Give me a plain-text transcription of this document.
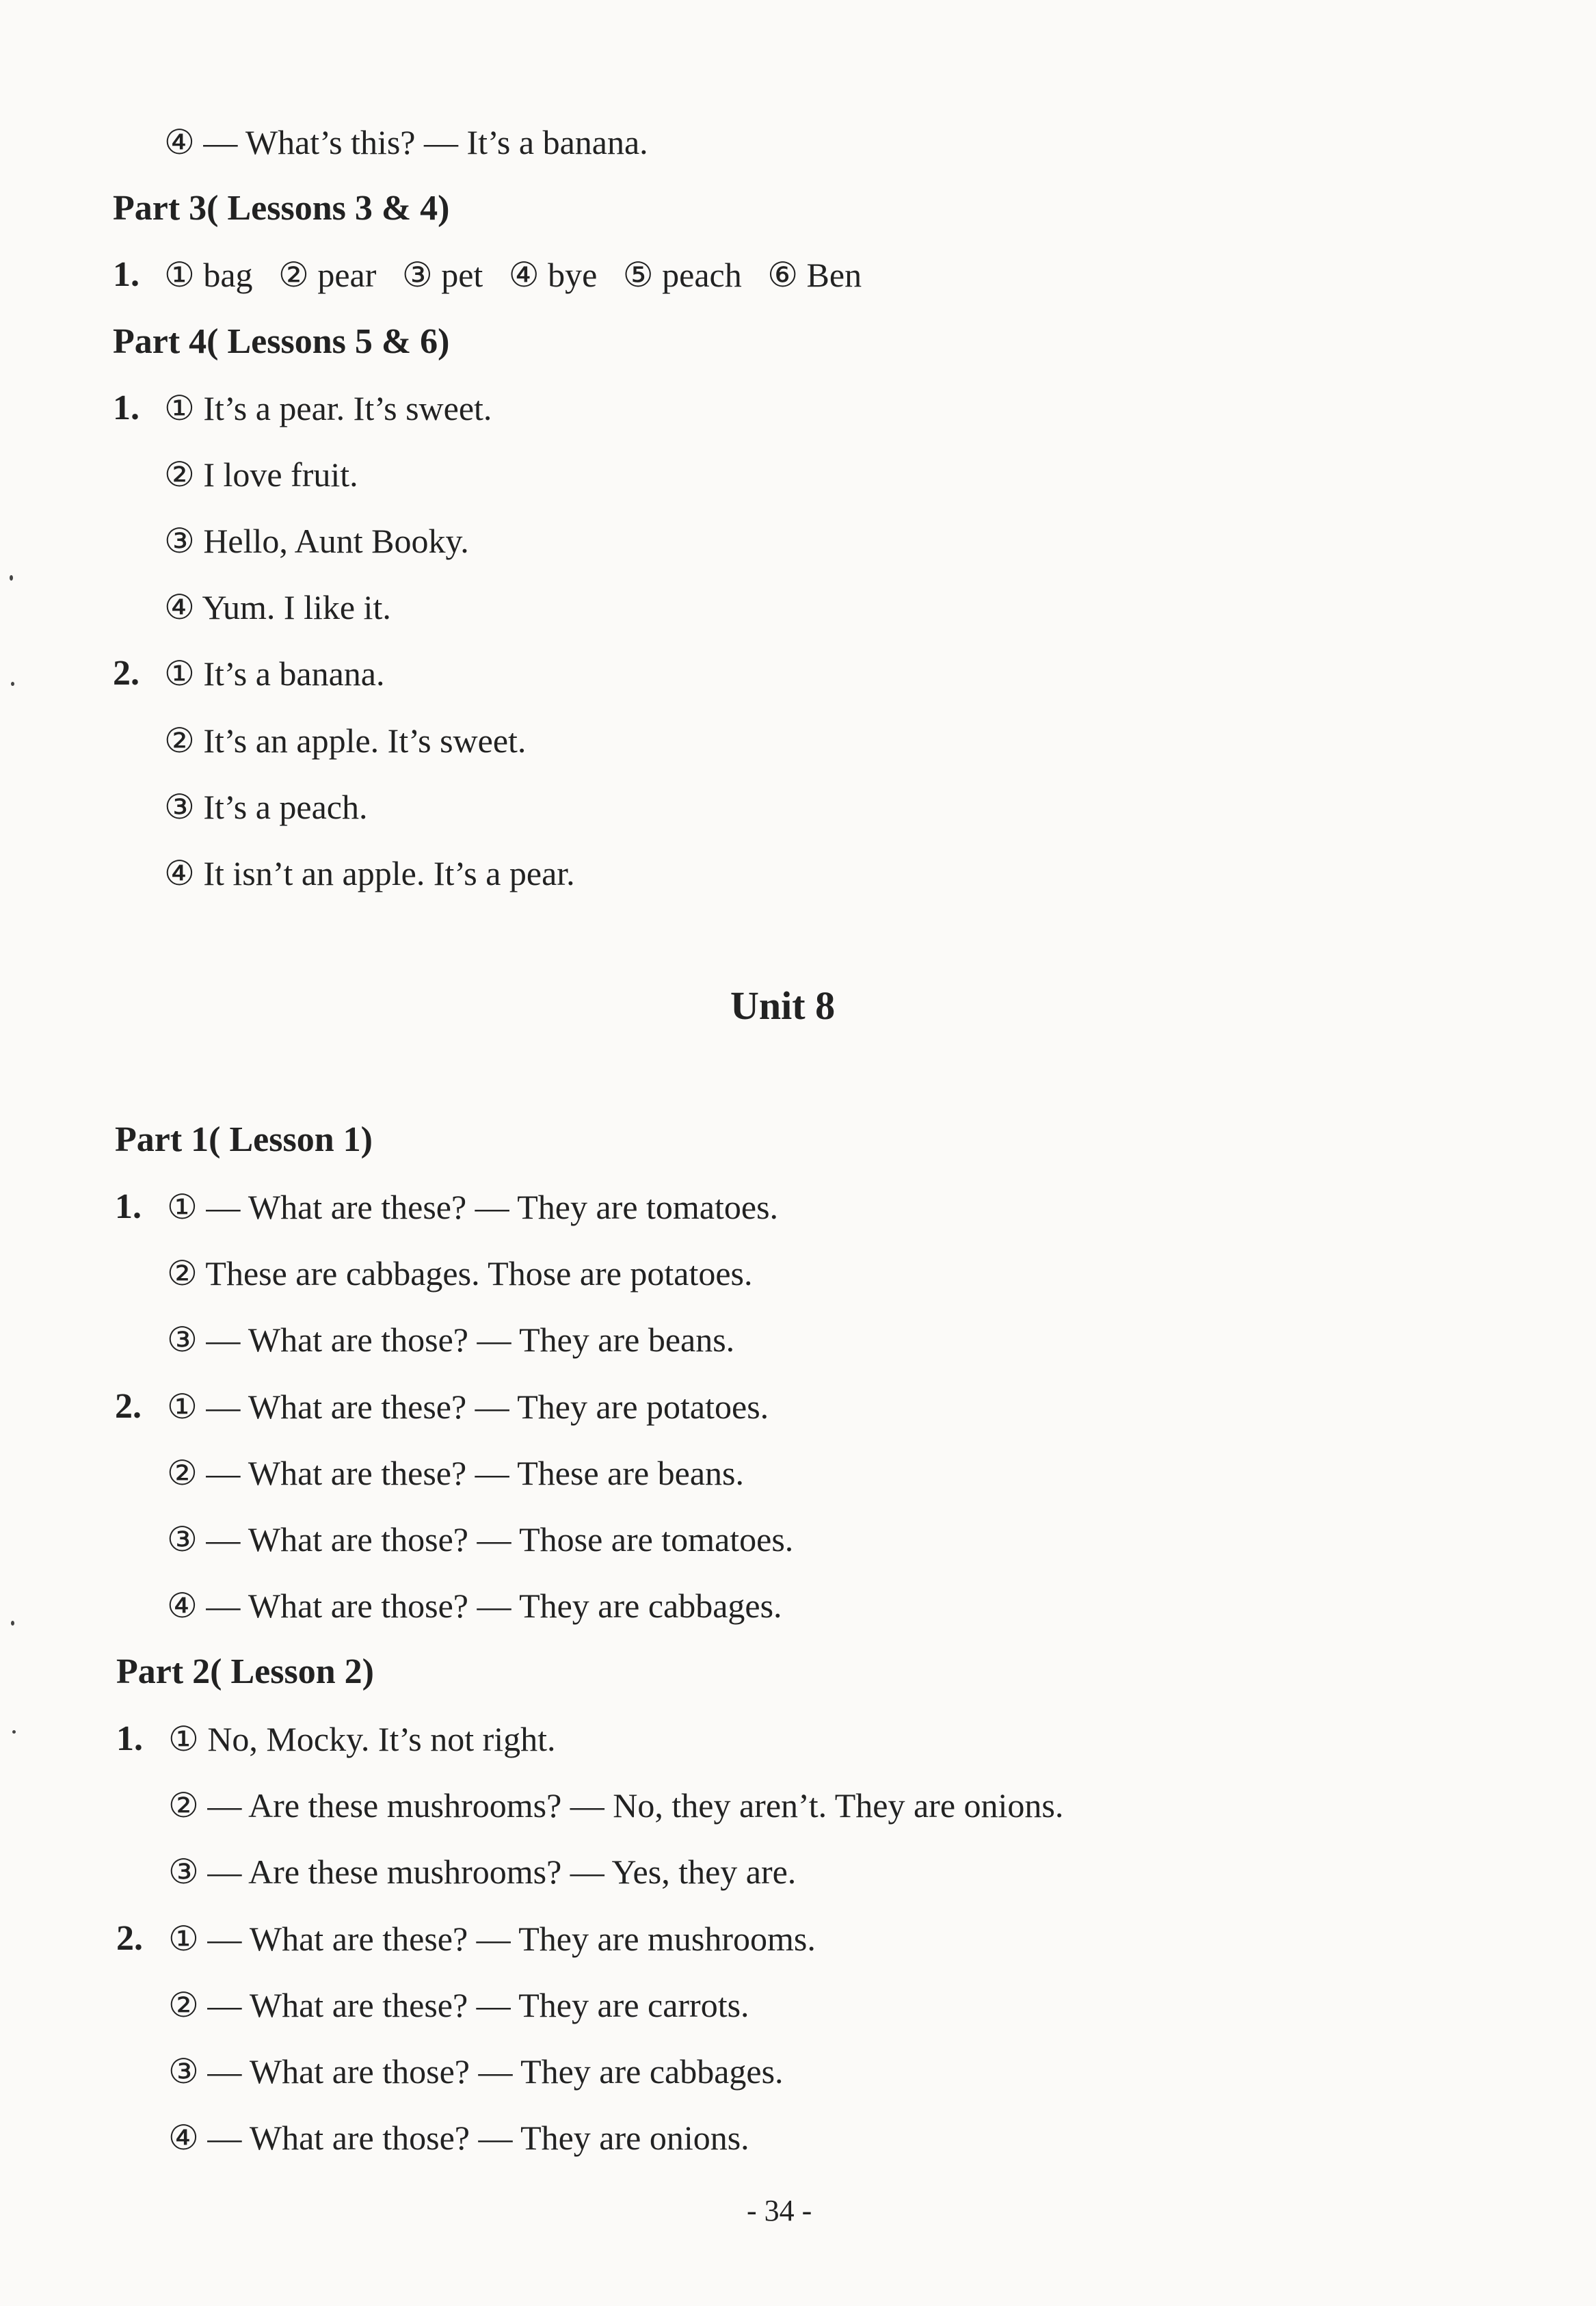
④ — What’s this? — It’s a banana.
Part 3( Lessons 3 & 4)
1. ① bag   ② pear   ③ pet   ④ bye   ⑤ peach   ⑥ Ben
Part 4( Lessons 5 & 6)
1. ① It’s a pear. It’s sweet.
② I love fruit.
③ Hello, Aunt Booky.
④ Yum. I like it.
2. ① It’s a banana.
② It’s an apple. It’s sweet.
③ It’s a peach.
④ It isn’t an apple. It’s a pear.
Unit 8
Part 1( Lesson 1)
1. ① — What are these? — They are tomatoes.
② These are cabbages. Those are potatoes.
③ — What are those? — They are beans.
2. ① — What are these? — They are potatoes.
② — What are these? — These are beans.
③ — What are those? — Those are tomatoes.
④ — What are those? — They are cabbages.
Part 2( Lesson 2)
1. ① No, Mocky. It’s not right.
② — Are these mushrooms? — No, they aren’t. They are onions.
③ — Are these mushrooms? — Yes, they are.
2. ① — What are these? — They are mushrooms.
② — What are these? — They are carrots.
③ — What are those? — They are cabbages.
④ — What are those? — They are onions.
- 34 -
